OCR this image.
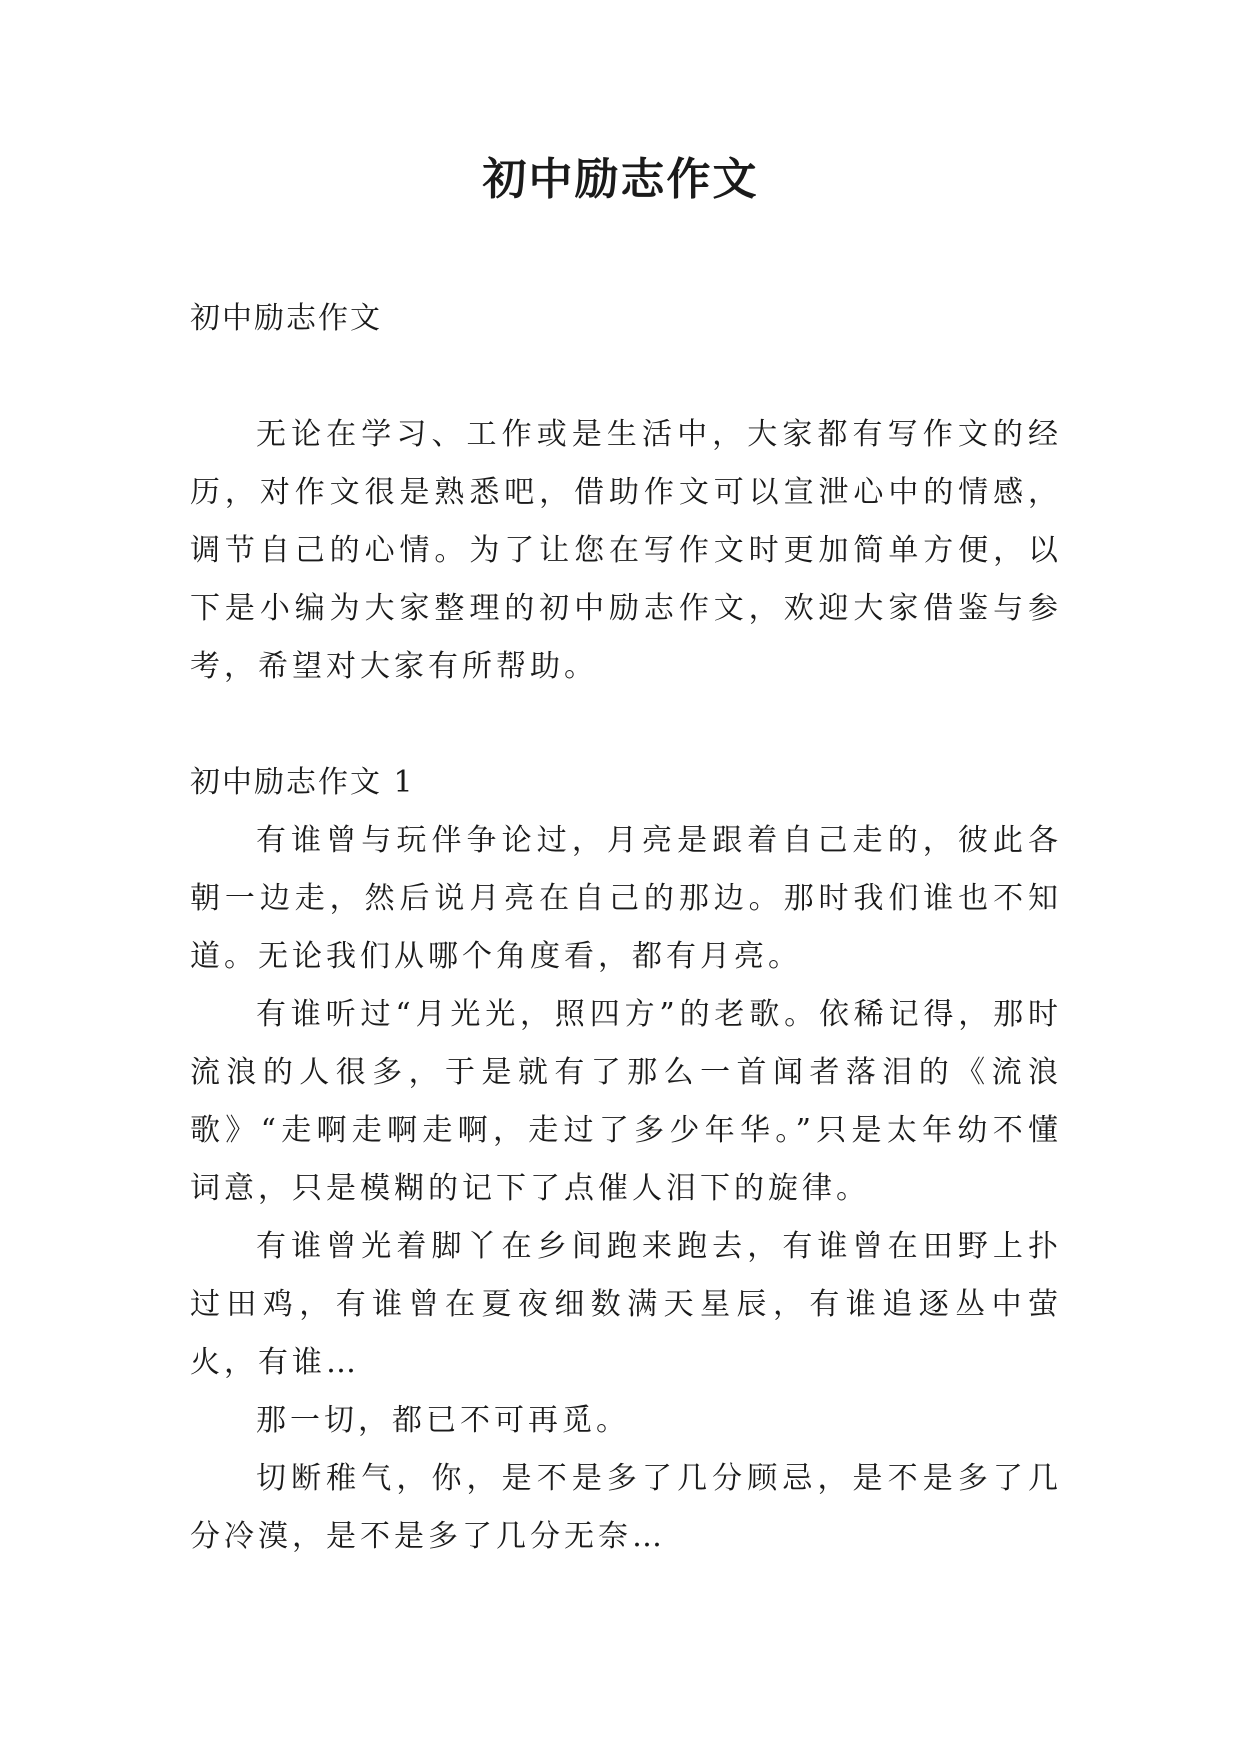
初中励志作文

初中励志作文

无论在学习、工作或是生活中，大家都有写作文的经历，对作文很是熟悉吧，借助作文可以宣泄心中的情感，调节自己的心情。为了让您在写作文时更加简单方便，以下是小编为大家整理的初中励志作文，欢迎大家借鉴与参考，希望对大家有所帮助。

初中励志作文 1

有谁曾与玩伴争论过，月亮是跟着自己走的，彼此各朝一边走，然后说月亮在自己的那边。那时我们谁也不知道。无论我们从哪个角度看，都有月亮。

有谁听过“月光光，照四方”的老歌。依稀记得，那时流浪的人很多，于是就有了那么一首闻者落泪的《流浪歌》“走啊走啊走啊，走过了多少年华。”只是太年幼不懂词意，只是模糊的记下了点催人泪下的旋律。

有谁曾光着脚丫在乡间跑来跑去，有谁曾在田野上扑过田鸡，有谁曾在夏夜细数满天星辰，有谁追逐丛中萤火，有谁…

那一切，都已不可再觅。

切断稚气，你，是不是多了几分顾忌，是不是多了几分冷漠，是不是多了几分无奈…
